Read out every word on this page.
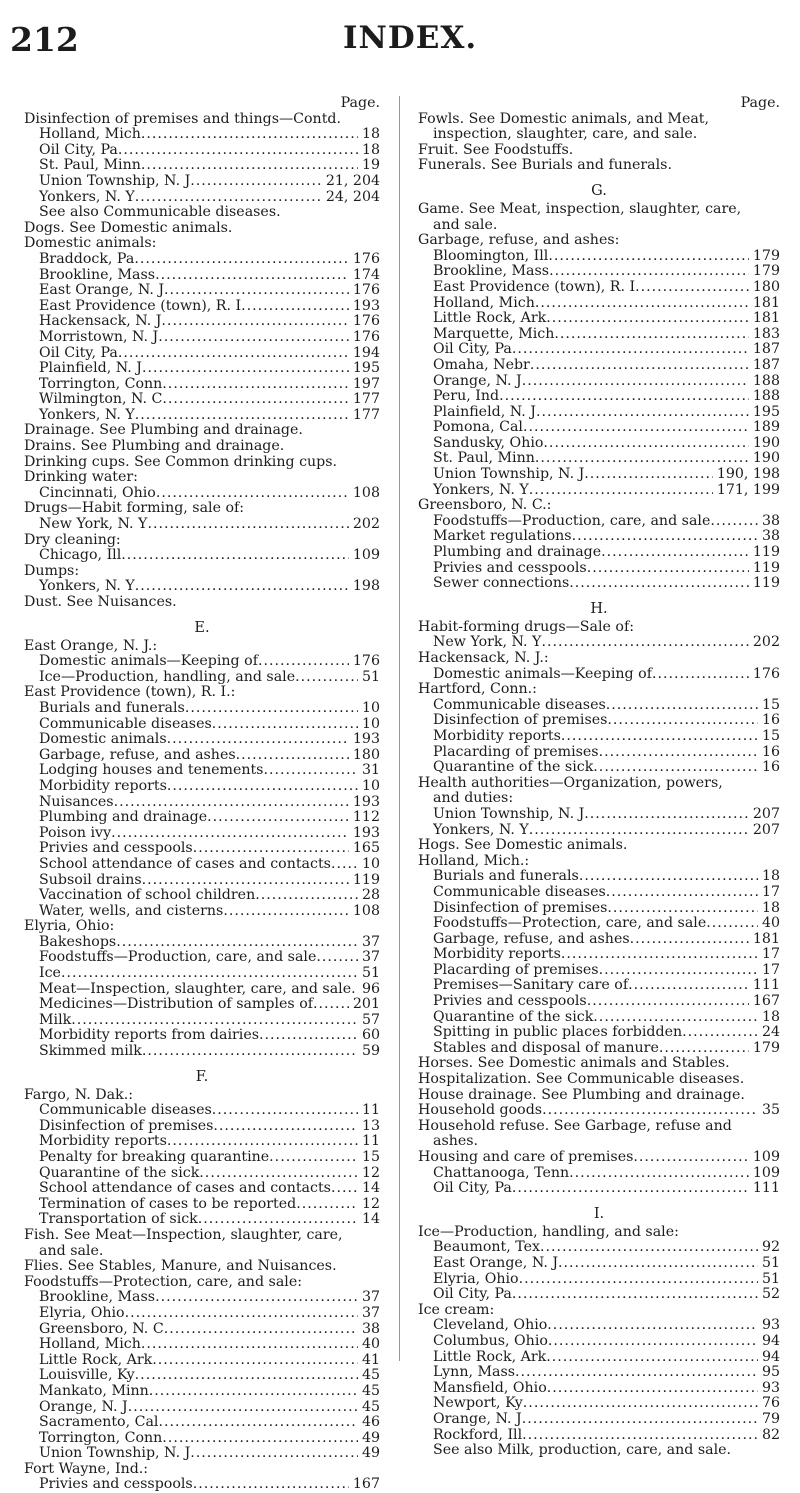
212	INDEX.
Page.
Disinfection of premises and things—Contd.
Holland, Mich .....	18
Oil City, Pa .....	18
St. Paul, Minn .....	19
Union Township, N. J .....	21, 204
Yonkers, N. Y .....	24, 204
See also Communicable diseases.
Dogs. See Domestic animals.
Domestic animals:
Braddock, Pa .....	176
Brookline, Mass .....	174
East Orange, N. J .....	176
East Providence (town), R. I .....	193
Hackensack, N. J .....	176
Morristown, N. J .....	176
Oil City, Pa .....	194
Plainfield, N. J .....	195
Torrington, Conn .....	197
Wilmington, N. C .....	177
Yonkers, N. Y .....	177
Drainage. See Plumbing and drainage.
Drains. See Plumbing and drainage.
Drinking cups. See Common drinking cups.
Drinking water:
Cincinnati, Ohio .....	108
Drugs—Habit forming, sale of:
New York, N. Y .....	202
Dry cleaning:
Chicago, Ill .....	109
Dumps:
Yonkers, N. Y .....	198
Dust. See Nuisances.
E.
East Orange, N. J.:
Domestic animals—Keeping of .....	176
Ice—Production, handling, and sale .....	51
East Providence (town), R. I.:
Burials and funerals .....	10
Communicable diseases .....	10
Domestic animals .....	193
Garbage, refuse, and ashes .....	180
Lodging houses and tenements .....	31
Morbidity reports .....	10
Nuisances .....	193
Plumbing and drainage .....	112
Poison ivy .....	193
Privies and cesspools .....	165
School attendance of cases and contacts ..... 10
Subsoil drains .....	119
Vaccination of school children .....	28
Water, wells, and cisterns .....	108
Elyria, Ohio:
Bakeshops .....	37
Foodstuffs—Production, care, and sale .....	37
Ice .....	51
Meat—Inspection, slaughter, care, and sale ..... 96
Medicines—Distribution of samples of .....	201
Milk .....	57
Morbidity reports from dairies .....	60
Skimmed milk .....	59
F.
Fargo, N. Dak.:
Communicable diseases .....	11
Disinfection of premises .....	13
Morbidity reports .....	11
Penalty for breaking quarantine .....	15
Quarantine of the sick .....	12
School attendance of cases and contacts ..... 14
Termination of cases to be reported .....	12
Transportation of sick .....	14
Fish. See Meat—Inspection, slaughter, care,
and sale.
Flies. See Stables, Manure, and Nuisances.
Foodstuffs—Protection, care, and sale:
Brookline, Mass .....	37
Elyria, Ohio .....	37
Greensboro, N. C .....	38
Holland, Mich .....	40
Little Rock, Ark .....	41
Louisville, Ky .....	45
Mankato, Minn .....	45
Orange, N. J .....	45
Sacramento, Cal .....	46
Torrington, Conn .....	49
Union Township, N. J .....	49
Fort Wayne, Ind.:
Privies and cesspools .....	167
Page.
Fowls. See Domestic animals, and Meat,
inspection, slaughter, care, and sale.
Fruit. See Foodstuffs.
Funerals. See Burials and funerals.
G.
Game. See Meat, inspection, slaughter, care,
and sale.
Garbage, refuse, and ashes:
Bloomington, Ill .....	179
Brookline, Mass .....	179
East Providence (town), R. I .....	180
Holland, Mich .....	181
Little Rock, Ark .....	181
Marquette, Mich .....	183
Oil City, Pa .....	187
Omaha, Nebr .....	187
Orange, N. J .....	188
Peru, Ind .....	188
Plainfield, N. J .....	195
Pomona, Cal .....	189
Sandusky, Ohio .....	190
St. Paul, Minn .....	190
Union Township, N. J .....	190, 198
Yonkers, N. Y .....	171, 199
Greensboro, N. C.:
Foodstuffs—Production, care, and sale .....	38
Market regulations .....	38
Plumbing and drainage .....	119
Privies and cesspools .....	119
Sewer connections .....	119
H.
Habit-forming drugs—Sale of:
New York, N. Y .....	202
Hackensack, N. J.:
Domestic animals—Keeping of .....	176
Hartford, Conn.:
Communicable diseases .....	15
Disinfection of premises .....	16
Morbidity reports .....	15
Placarding of premises .....	16
Quarantine of the sick .....	16
Health authorities—Organization, powers,
and duties:
Union Township, N. J .....	207
Yonkers, N. Y .....	207
Hogs. See Domestic animals.
Holland, Mich.:
Burials and funerals .....	18
Communicable diseases .....	17
Disinfection of premises .....	18
Foodstuffs—Protection, care, and sale .....	40
Garbage, refuse, and ashes .....	181
Morbidity reports .....	17
Placarding of premises .....	17
Premises—Sanitary care of .....	111
Privies and cesspools .....	167
Quarantine of the sick .....	18
Spitting in public places forbidden .....	24
Stables and disposal of manure .....	179
Horses. See Domestic animals and Stables.
Hospitalization. See Communicable diseases.
House drainage. See Plumbing and drainage.
Household goods .....	35
Household refuse. See Garbage, refuse and
ashes.
Housing and care of premises .....	109
Chattanooga, Tenn .....	109
Oil City, Pa .....	111
I.
Ice—Production, handling, and sale:
Beaumont, Tex .....	92
East Orange, N. J .....	51
Elyria, Ohio .....	51
Oil City, Pa .....	52
Ice cream:
Cleveland, Ohio .....	93
Columbus, Ohio .....	94
Little Rock, Ark .....	94
Lynn, Mass .....	95
Mansfield, Ohio .....	93
Newport, Ky .....	76
Orange, N. J .....	79
Rockford, Ill .....	82
See also Milk, production, care, and sale.
